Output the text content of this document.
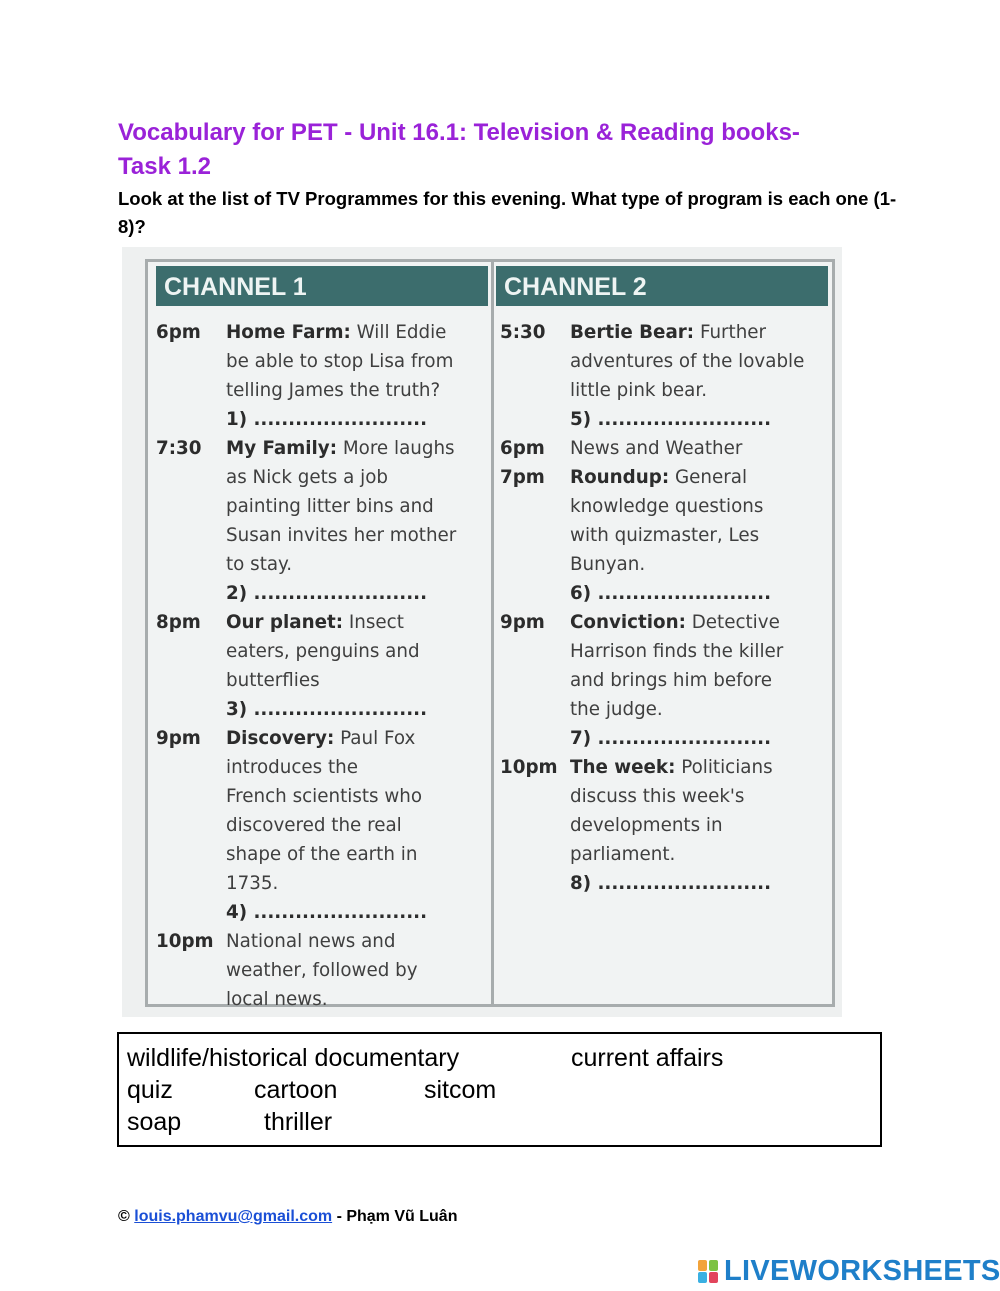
Vocabulary for PET - Unit 16.1: Television & Reading books-Task 1.2
Look at the list of TV Programmes for this evening. What type of program is each one (1-8)?
CHANNEL 1	CHANNEL 2
6pm Home Farm: Will Eddie
be able to stop Lisa from
telling James the truth?
1) .........................
7:30 My Family: More laughs
as Nick gets a job
painting litter bins and
Susan invites her mother
to stay.
2) .........................
8pm Our planet: Insect
eaters, penguins and
butterflies
3) .........................
9pm Discovery: Paul Fox
introduces the
French scientists who
discovered the real
shape of the earth in
1735.
4) .........................
10pm National news and
weather, followed by
local news.
5:30 Bertie Bear: Further
adventures of the lovable
little pink bear.
5) .........................
6pm News and Weather
7pm Roundup: General
knowledge questions
with quizmaster, Les
Bunyan.
6) .........................
9pm Conviction: Detective
Harrison finds the killer
and brings him before
the judge.
7) .........................
10pm The week: Politicians
discuss this week's
developments in
parliament.
8) .........................
wildlife/historical documentary	current affairs
quiz	cartoon	sitcom
soap	thriller
© louis.phamvu@gmail.com - Phạm Vũ Luân
LIVEWORKSHEETS
